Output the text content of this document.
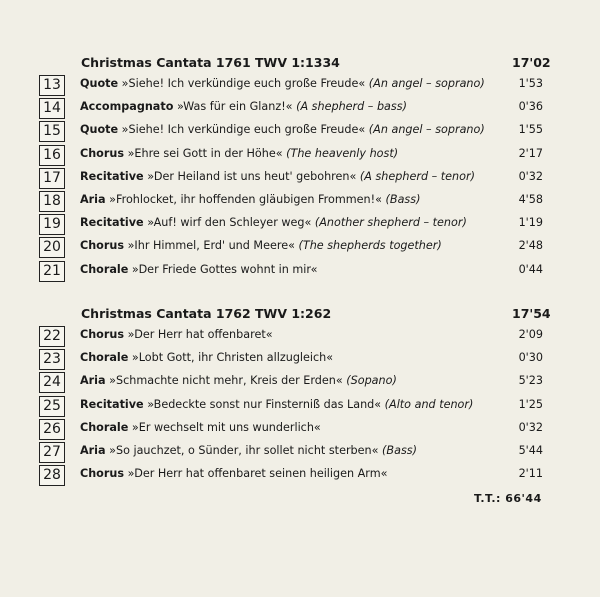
Christmas Cantata 1761 TWV 1:1334	17'02
13	Quote »Siehe! Ich verkündige euch große Freude« (An angel – soprano)	1'53
14	Accompagnato »Was für ein Glanz!« (A shepherd – bass)	0'36
15	Quote »Siehe! Ich verkündige euch große Freude« (An angel – soprano)	1'55
16	Chorus »Ehre sei Gott in der Höhe« (The heavenly host)	2'17
17	Recitative »Der Heiland ist uns heut' gebohren« (A shepherd – tenor)	0'32
18	Aria »Frohlocket, ihr hoffenden gläubigen Frommen!« (Bass)	4'58
19	Recitative »Auf! wirf den Schleyer weg« (Another shepherd – tenor)	1'19
20	Chorus »Ihr Himmel, Erd' und Meere« (The shepherds together)	2'48
21	Chorale »Der Friede Gottes wohnt in mir«	0'44
Christmas Cantata 1762 TWV 1:262	17'54
22	Chorus »Der Herr hat offenbaret«	2'09
23	Chorale »Lobt Gott, ihr Christen allzugleich«	0'30
24	Aria »Schmachte nicht mehr, Kreis der Erden« (Sopano)	5'23
25	Recitative »Bedeckte sonst nur Finsterniß das Land« (Alto and tenor)	1'25
26	Chorale »Er wechselt mit uns wunderlich«	0'32
27	Aria »So jauchzet, o Sünder, ihr sollet nicht sterben« (Bass)	5'44
28	Chorus »Der Herr hat offenbaret seinen heiligen Arm«	2'11
T.T.: 66'44
